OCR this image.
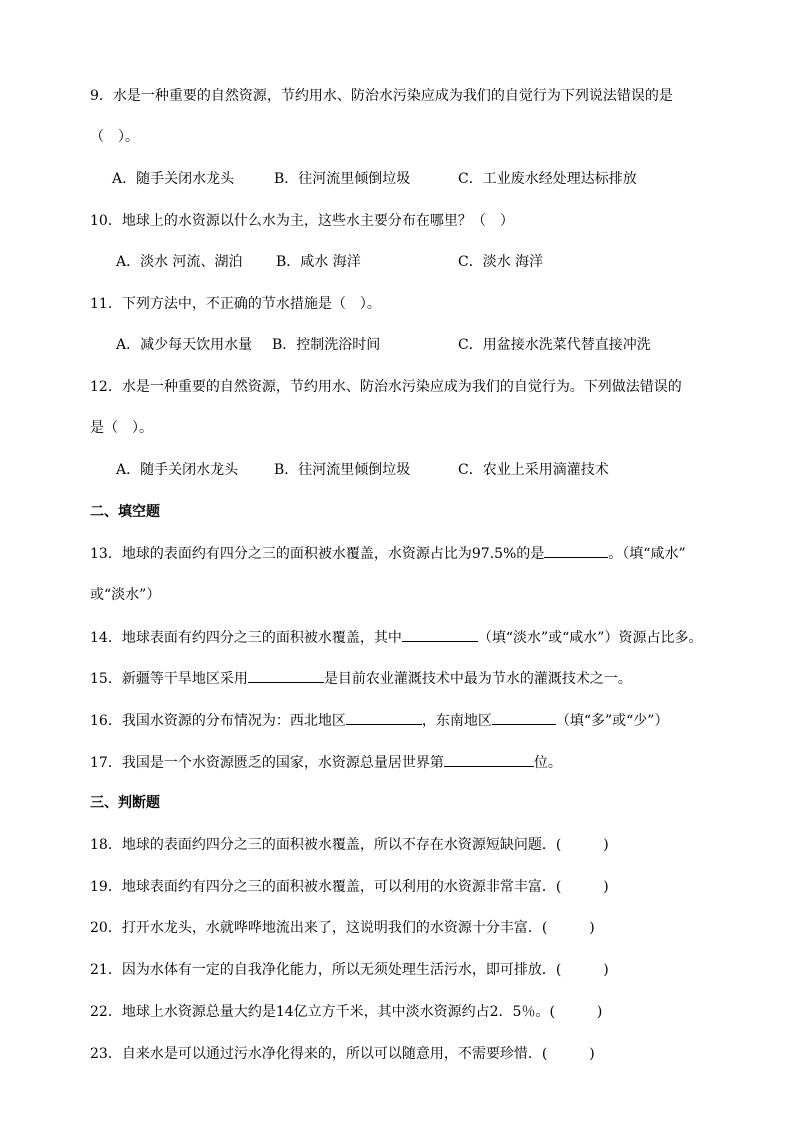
9．水是一种重要的自然资源，节约用水、防治水污染应成为我们的自觉行为下列说法错误的是
（　）。
A．随手关闭水龙头	B．往河流里倾倒垃圾	C．工业废水经处理达标排放
10．地球上的水资源以什么水为主，这些水主要分布在哪里？（　）
A．淡水 河流、湖泊 B．咸水 海洋	C．淡水 海洋
11．下列方法中，不正确的节水措施是（　）。
A．减少每天饮用水量 B．控制洗浴时间	C．用盆接水洗菜代替直接冲洗
12．水是一种重要的自然资源，节约用水、防治水污染应成为我们的自觉行为。下列做法错误的
是（　）。
A．随手关闭水龙头	B．往河流里倾倒垃圾	C．农业上采用滴灌技术
二、填空题
13．地球的表面约有四分之三的面积被水覆盖，水资源占比为97.5%的是	。（填“咸水”
或“淡水”）
14．地球表面有约四分之三的面积被水覆盖，其中	（填“淡水”或“咸水”）资源占比多。
15．新疆等干旱地区采用	是目前农业灌溉技术中最为节水的灌溉技术之一。
16．我国水资源的分布情况为：西北地区	，东南地区	（填“多”或“少”）
17．我国是一个水资源匮乏的国家，水资源总量居世界第	位。
三、判断题
18．地球的表面约四分之三的面积被水覆盖，所以不存在水资源短缺问题．(　　　)
19．地球表面约有四分之三的面积被水覆盖，可以利用的水资源非常丰富．(　　　)
20．打开水龙头，水就哗哗地流出来了，这说明我们的水资源十分丰富．(　　　)
21．因为水体有一定的自我净化能力，所以无须处理生活污水，即可排放．(　　　)
22．地球上水资源总量大约是14亿立方千米，其中淡水资源约占2．5％。(　　　)
23．自来水是可以通过污水净化得来的，所以可以随意用，不需要珍惜．(　　　)
